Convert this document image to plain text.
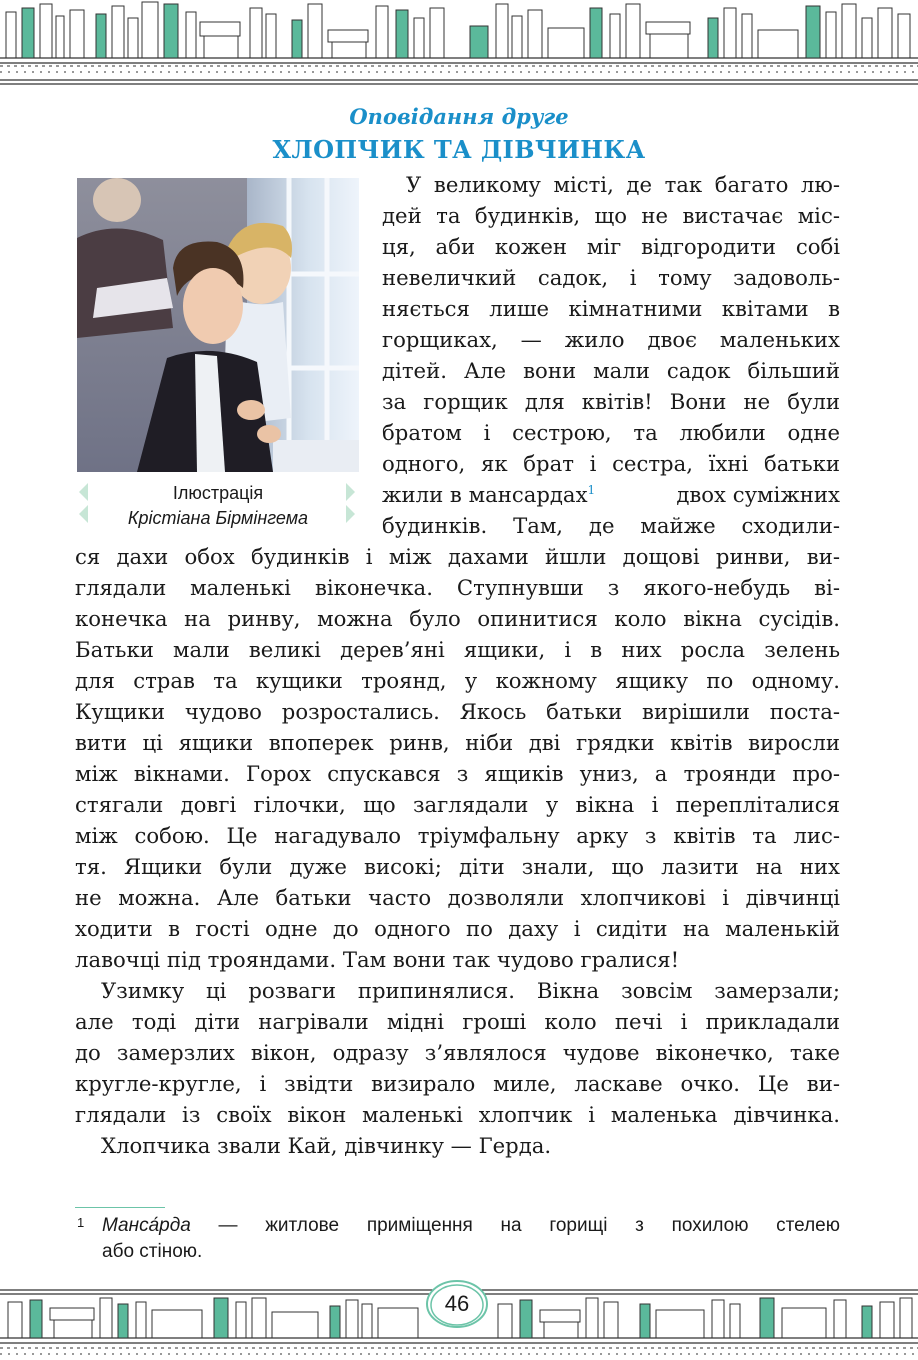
Оповідання друге
ХЛОПЧИК ТА ДІВЧИНКА
Ілюстрація
Крістіана Бірмінгема
У великому місті, де так багато лю-
дей та будинків, що не вистачає міс-
ця, аби кожен міг відгородити собі
невеличкий садок, і тому задоволь-
няється лише кімнатними квітами в
горщиках, — жило двоє маленьких
дітей. Але вони мали садок більший
за горщик для квітів! Вони не були
братом і сестрою, та любили одне
одного, як брат і сестра, їхні батьки
жили в мансардах$^1$	двох суміжних
будинків. Там, де майже сходили-
ся дахи обох будинків і між дахами йшли дощові ринви, ви-
глядали маленькі віконечка. Ступнувши з якого-небудь ві-
конечка на ринву, можна було опинитися коло вікна сусідів.
Батьки мали великі дерев’яні ящики, і в них росла зелень
для страв та кущики троянд, у кожному ящику по одному.
Кущики чудово розростались. Якось батьки вирішили поста-
вити ці ящики впоперек ринв, ніби дві грядки квітів виросли
між вікнами. Горох спускався з ящиків униз, а троянди про-
стягали довгі гілочки, що заглядали у вікна і перепліталися
між собою. Це нагадувало тріумфальну арку з квітів та лис-
тя. Ящики були дуже високі; діти знали, що лазити на них
не можна. Але батьки часто дозволяли хлопчикові і дівчинці
ходити в гості одне до одного по даху і сидіти на маленькій
лавочці під трояндами. Там вони так чудово гралися!
Узимку ці розваги припинялися. Вікна зовсім замерзали;
але тоді діти нагрівали мідні гроші коло печі і прикладали
до замерзлих вікон, одразу з’являлося чудове віконечко, таке
кругле-кругле, і звідти визирало миле, ласкаве очко. Це ви-
глядали із своїх вікон маленькі хлопчик і маленька дівчинка.
Хлопчика звали Кай, дівчинку — Герда.
1 Манса́рда — житлове приміщення на горищі з похилою стелею
або стіною.
46
